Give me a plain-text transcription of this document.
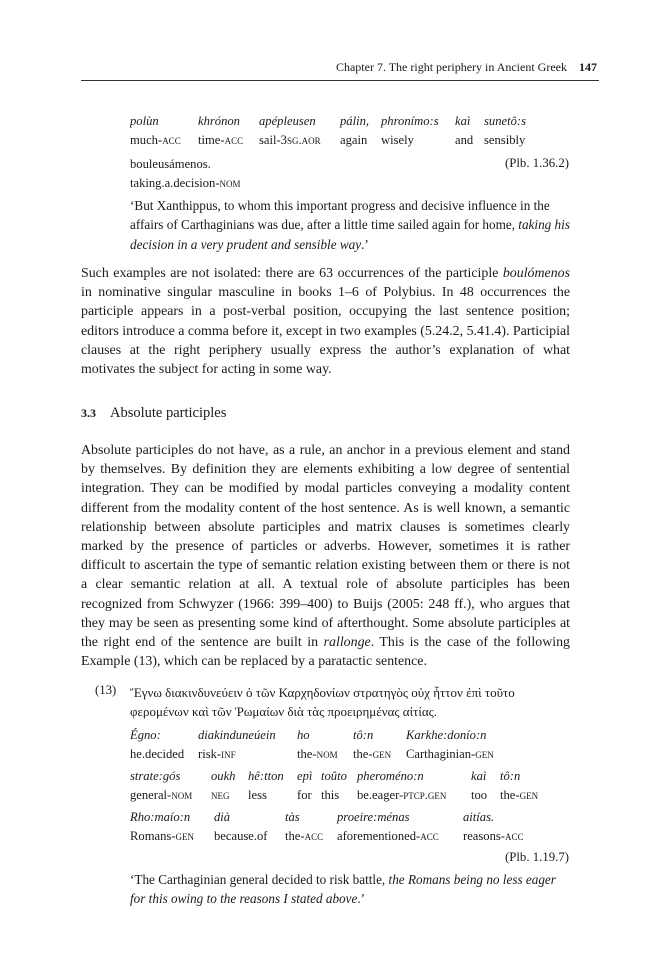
Chapter 7. The right periphery in Ancient Greek 147
polùn
much-acc
khrónon
time-acc
apépleusen
sail-3sg.aor
pálin,
again
phronímo:s
wisely
kaì
and
sunetô:s
sensibly
bouleusámenos.
taking.a.decision-nom
(Plb. 1.36.2)

‘But Xanthippus, to whom this important progress and decisive influence in the affairs of Carthaginians was due, after a little time sailed again for home, taking his decision in a very prudent and sensible way.’

Such examples are not isolated: there are 63 occurrences of the participle boulómenos in nominative singular masculine in books 1–6 of Polybius. In 48 occurrences the participle appears in a post-verbal position, occupying the last sentence position; editors introduce a comma before it, except in two examples (5.24.2, 5.41.4). Participial clauses at the right periphery usually express the author’s explanation of what motivates the subject for acting in some way.

3.3 Absolute participles

Absolute participles do not have, as a rule, an anchor in a previous element and stand by themselves. By definition they are elements exhibiting a low degree of sentential integration. They can be modified by modal particles conveying a modality content different from the modality content of the host sentence. As is well known, a semantic relationship between absolute participles and matrix clauses is sometimes clearly marked by the presence of particles or adverbs. However, sometimes it is rather difficult to ascertain the type of semantic relation existing between them or there is not a clear semantic relation at all. A textual role of absolute participles has been recognized from Schwyzer (1966: 399–400) to Buijs (2005: 248 ff.), who argues that they may be seen as presenting some kind of afterthought. Some absolute participles at the right end of the sentence are built in rallonge. This is the case of the following Example (13), which can be replaced by a paratactic sentence.

(13) Ἔγνω διακινδυνεύειν ὁ τῶν Καρχηδονίων στρατηγὸς οὐχ ἧττον ἐπὶ τοῦτο
φερομένων καὶ τῶν Ῥωμαίων διὰ τὰς προειρημένας αἰτίας.
Égno:
he.decided
diakinduneúein
risk-inf
ho
the-nom
tô:n
the-gen
Karkhe:doníο:n
Carthaginian-gen
strate:gós
general-nom
oukh
neg
hê:tton
less
epì
for
toûto
this
pheroméno:n
be.eager-ptcp.gen
kaì
too
tô:n
the-gen
Rho:maío:n
Romans-gen
dià
because.of
tàs
the-acc
proeire:ménas
aforementioned-acc
aitías.
reasons-acc
(Plb. 1.19.7)

‘The Carthaginian general decided to risk battle, the Romans being no less eager for this owing to the reasons I stated above.’
